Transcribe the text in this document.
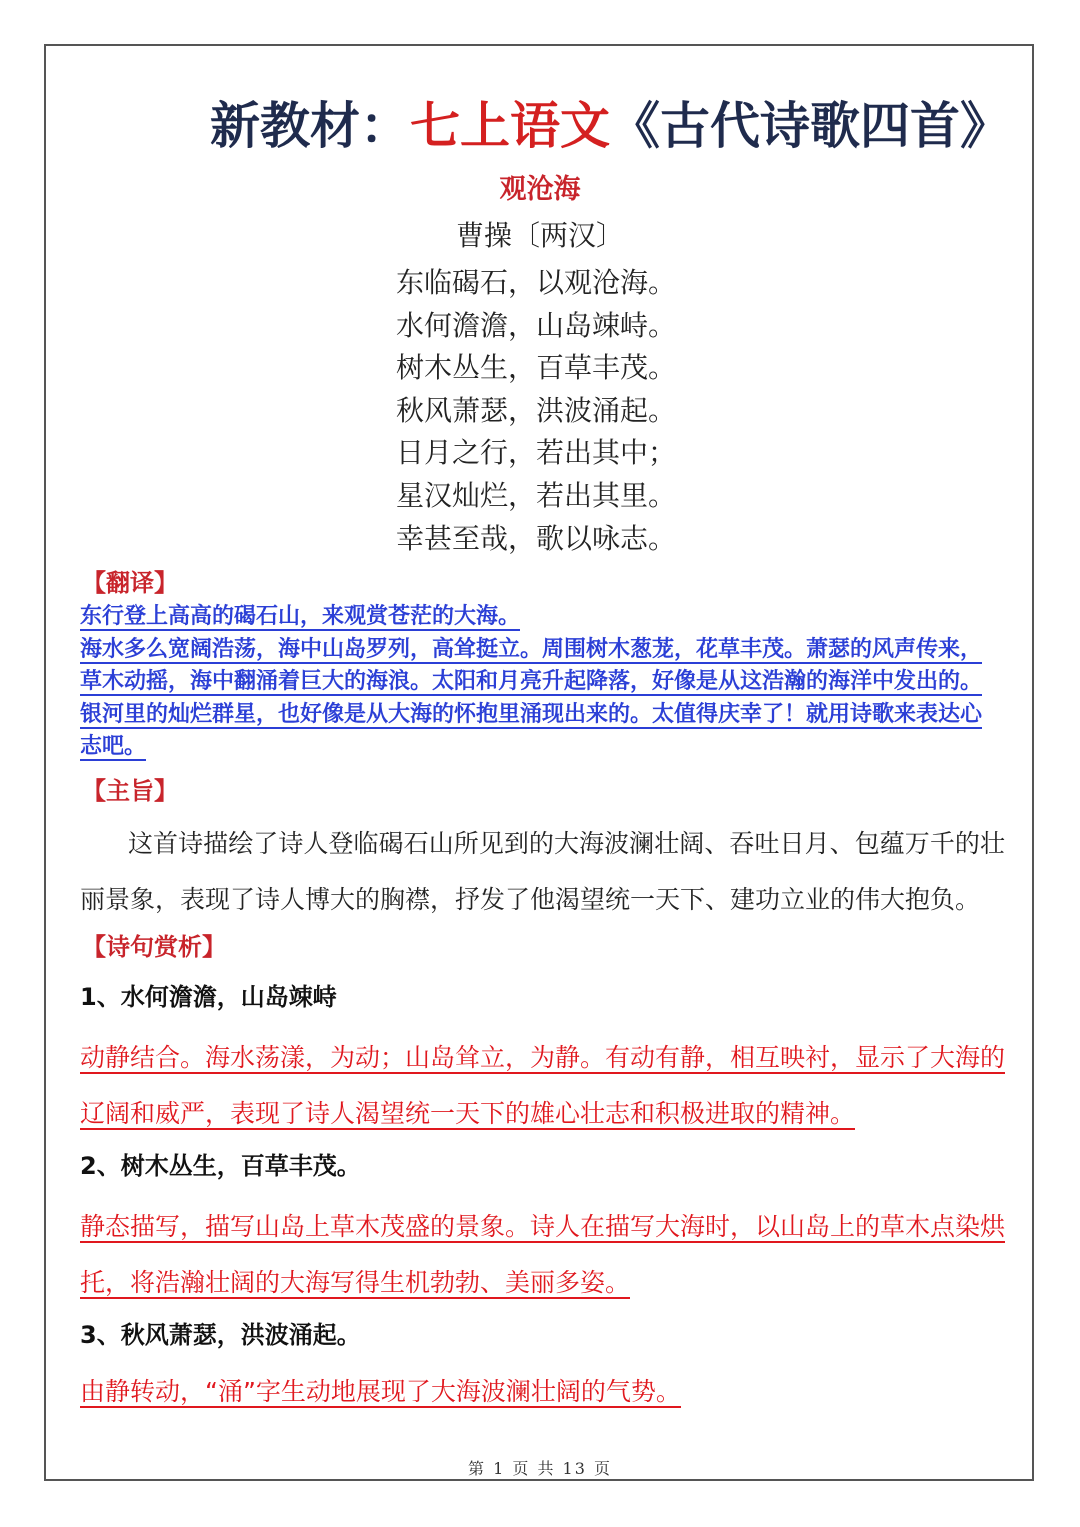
新教材：七上语文《古代诗歌四首》
观沧海
曹操〔两汉〕
东临碣石，以观沧海。
水何澹澹，山岛竦峙。
树木丛生，百草丰茂。
秋风萧瑟，洪波涌起。
日月之行，若出其中；
星汉灿烂，若出其里。
幸甚至哉，歌以咏志。
【翻译】
东行登上高高的碣石山，来观赏苍茫的大海。
海水多么宽阔浩荡，海中山岛罗列，高耸挺立。周围树木葱茏，花草丰茂。萧瑟的风声传来，草木动摇，海中翻涌着巨大的海浪。太阳和月亮升起降落，好像是从这浩瀚的海洋中发出的。银河里的灿烂群星，也好像是从大海的怀抱里涌现出来的。太值得庆幸了！就用诗歌来表达心志吧。
【主旨】
这首诗描绘了诗人登临碣石山所见到的大海波澜壮阔、吞吐日月、包蕴万千的壮丽景象，表现了诗人博大的胸襟，抒发了他渴望统一天下、建功立业的伟大抱负。
【诗句赏析】
1、水何澹澹，山岛竦峙
动静结合。海水荡漾，为动；山岛耸立，为静。有动有静，相互映衬，显示了大海的辽阔和威严，表现了诗人渴望统一天下的雄心壮志和积极进取的精神。
2、树木丛生，百草丰茂。
静态描写，描写山岛上草木茂盛的景象。诗人在描写大海时，以山岛上的草木点染烘托，将浩瀚壮阔的大海写得生机勃勃、美丽多姿。
3、秋风萧瑟，洪波涌起。
由静转动，“涌”字生动地展现了大海波澜壮阔的气势。
第 1 页 共 13 页
